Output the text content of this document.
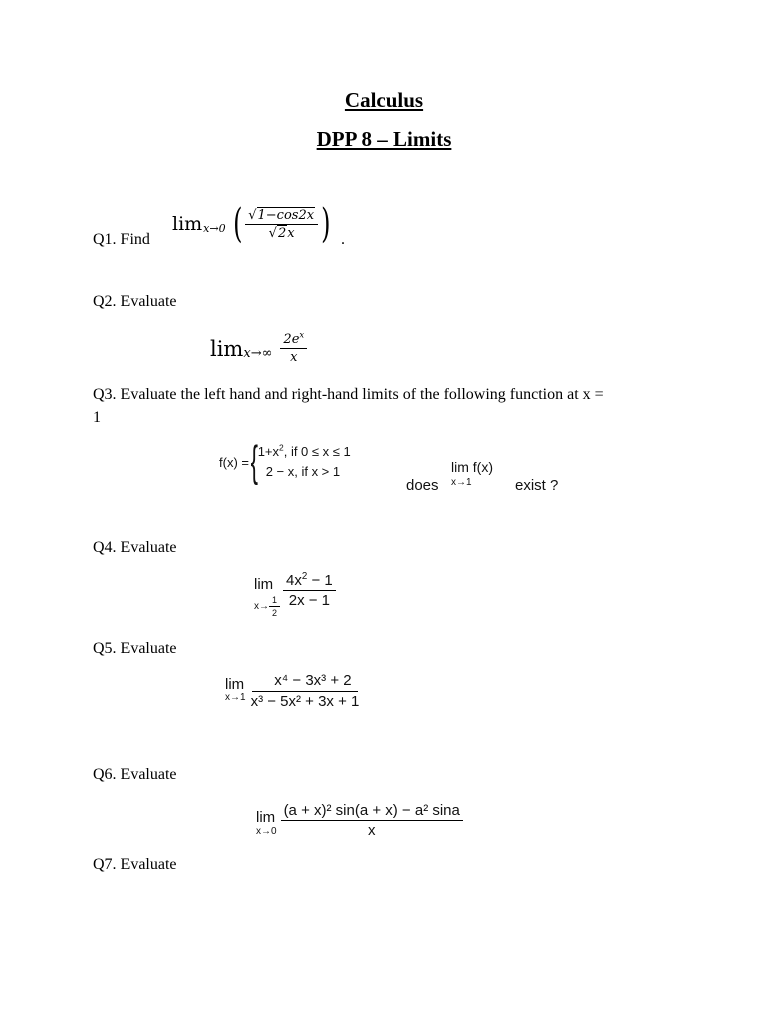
Calculus
DPP 8 – Limits
Q1. Find
lim x→0 ( $\frac{√1-\cos 2x}{√2x}$ ) .
Q2. Evaluate
$\lim x\to\infty \frac{2e^x}{x}$
Q3. Evaluate the left hand and right-hand limits of the following function at x =
1
f(x) = { $1+x^2$, if 0 ≤ x ≤ 1
2 − x, if x > 1
does
lim f(x)
x→1	exist ?
Q4. Evaluate
lim
$x\to \frac{1}{2} \frac{4x^2 - 1}{2x - 1}$
Q5. Evaluate
lim
$x\to 1 \frac{\text{x⁴ − 3x³ + 2}}{\text{x³ − 5x² + 3x + 1}}$
Q6. Evaluate
lim
$x\to 0 \frac{\text{(a + x)² sin(a + x) − a² sina}}{x}$
Q7. Evaluate
